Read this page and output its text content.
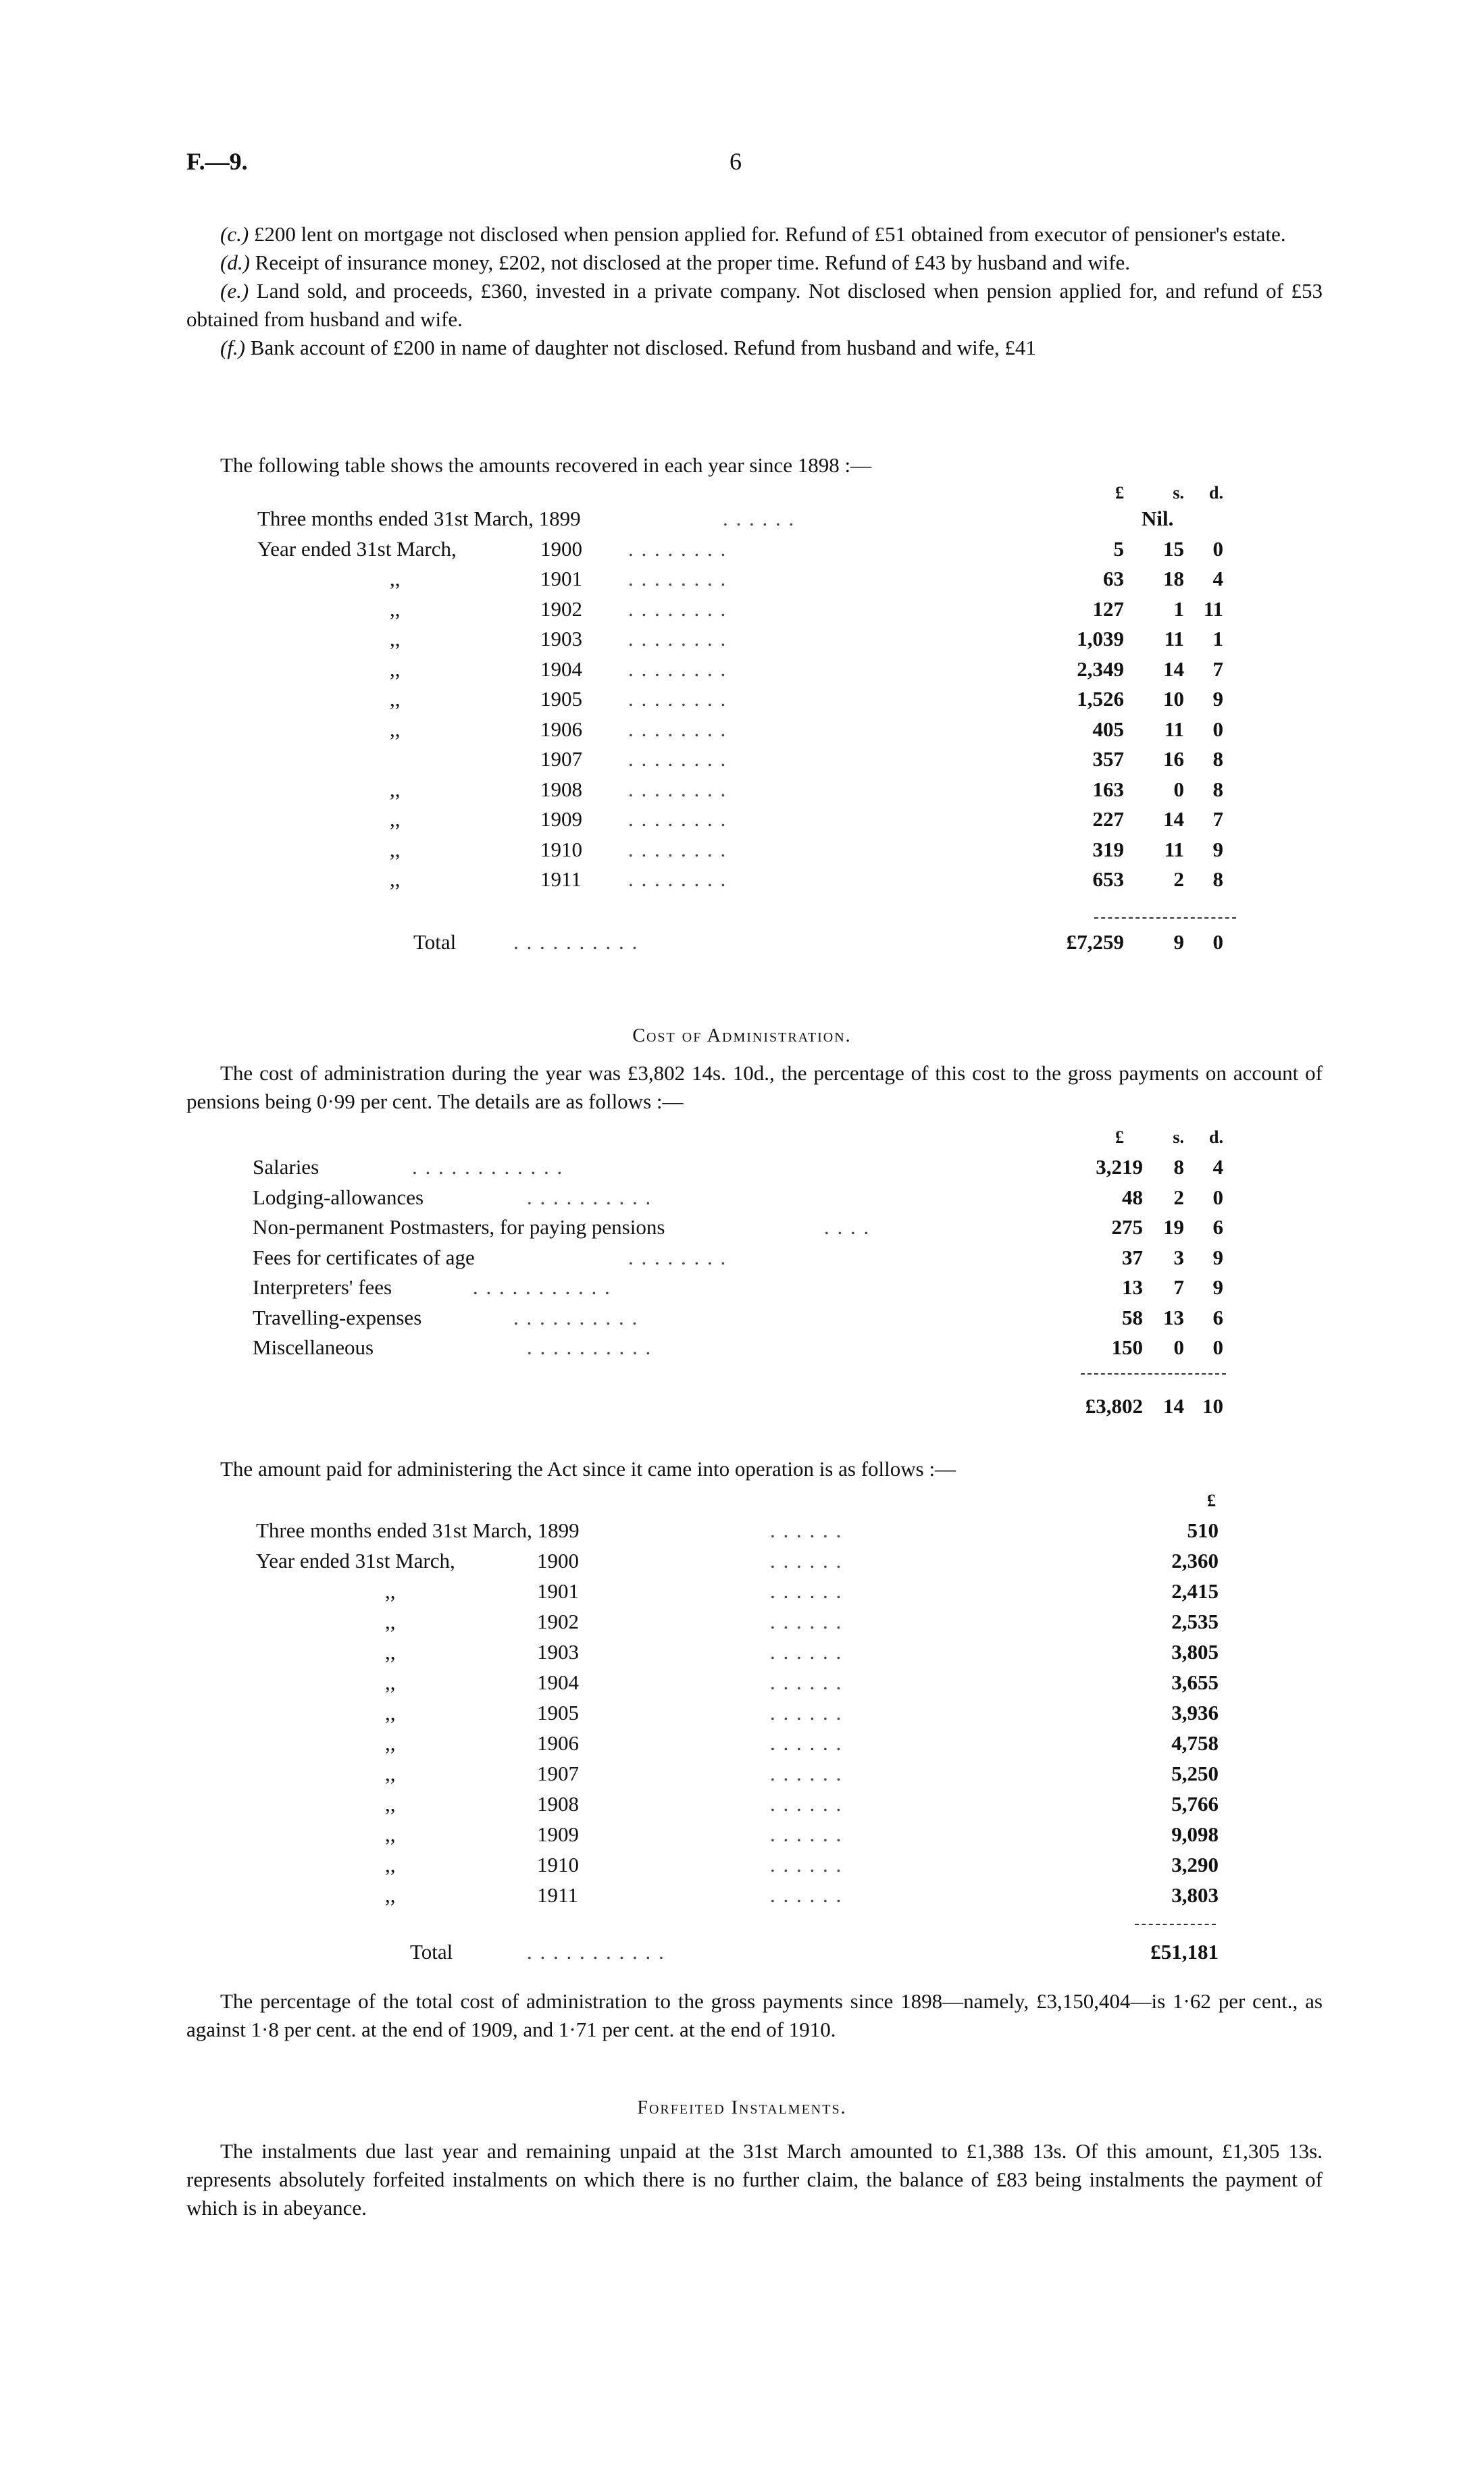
F.—9.	6

(c.) £200 lent on mortgage not disclosed when pension applied for. Refund of £51 obtained from executor of pensioner's estate.

(d.) Receipt of insurance money, £202, not disclosed at the proper time. Refund of £43 by husband and wife.

(e.) Land sold, and proceeds, £360, invested in a private company. Not disclosed when pension applied for, and refund of £53 obtained from husband and wife.

(f.) Bank account of £200 in name of daughter not disclosed. Refund from husband and wife, £41

The following table shows the amounts recovered in each year since 1898 :—

£	s. d.
Three months ended 31st March, 1899	. . . . . .	Nil.
Year ended 31st March,	1900 . . . . . . . .	5 15 0
,,	1901 . . . . . . . .	63 18 4
,,	1902 . . . . . . . .	127 1 11
,,	1903 . . . . . . . .	1,039 11 1
,,	1904 . . . . . . . .	2,349 14 7
,,	1905 . . . . . . . .	1,526 10 9
,,	1906 . . . . . . . .	405 11 0
1907 . . . . . . . .	357 16 8
,,	1908 . . . . . . . .	163 0 8
,,	1909 . . . . . . . .	227 14 7
,,	1910 . . . . . . . .	319 11 9
,,	1911 . . . . . . . .	653 2 8
Total	. . . . . . . . . .	£7,259 9 0
Cost of Administration.

The cost of administration during the year was £3,802 14s. 10d., the percentage of this cost to the gross payments on account of pensions being 0·99 per cent. The details are as follows :—

£	s. d.
Salaries	. . . . . . . . . . . .	3,219 8 4
Lodging-allowances	. . . . . . . . . .	48 2 0
Non-permanent Postmasters, for paying pensions	. . . .	275 19 6
Fees for certificates of age	. . . . . . . .	37 3 9
Interpreters' fees	. . . . . . . . . . .	13 7 9
Travelling-expenses	. . . . . . . . . .	58 13 6
Miscellaneous	. . . . . . . . . .	150 0 0
£3,802 14 10

The amount paid for administering the Act since it came into operation is as follows :—

£
Three months ended 31st March, 1899	. . . . . .	510
Year ended 31st March,	1900	. . . . . .	2,360
,,	1901	. . . . . .	2,415
,,	1902	. . . . . .	2,535
,,	1903	. . . . . .	3,805
,,	1904	. . . . . .	3,655
,,	1905	. . . . . .	3,936
,,	1906	. . . . . .	4,758
,,	1907	. . . . . .	5,250
,,	1908	. . . . . .	5,766
,,	1909	. . . . . .	9,098
,,	1910	. . . . . .	3,290
,,	1911	. . . . . .	3,803
Total	. . . . . . . . . . .	£51,181

The percentage of the total cost of administration to the gross payments since 1898—namely, £3,150,404—is 1·62 per cent., as against 1·8 per cent. at the end of 1909, and 1·71 per cent. at the end of 1910.

Forfeited Instalments.

The instalments due last year and remaining unpaid at the 31st March amounted to £1,388 13s. Of this amount, £1,305 13s. represents absolutely forfeited instalments on which there is no further claim, the balance of £83 being instalments the payment of which is in abeyance.
